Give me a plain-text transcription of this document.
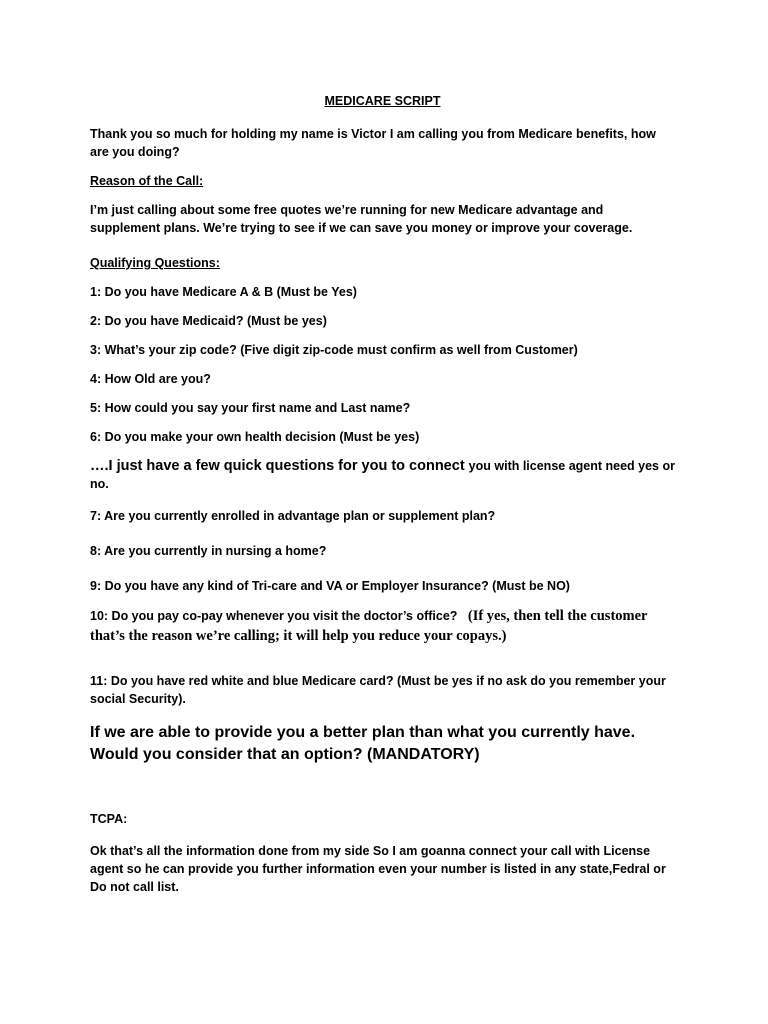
MEDICARE SCRIPT

Thank you so much for holding my name is Victor I am calling you from Medicare benefits, how are you doing?

Reason of the Call:

I’m just calling about some free quotes we’re running for new Medicare advantage and supplement plans. We’re trying to see if we can save you money or improve your coverage.

Qualifying Questions:

1: Do you have Medicare A & B (Must be Yes)

2: Do you have Medicaid? (Must be yes)

3: What’s your zip code? (Five digit zip-code must confirm as well from Customer)

4: How Old are you?

5: How could you say your first name and Last name?

6: Do you make your own health decision (Must be yes)

….I just have a few quick questions for you to connect you with license agent need yes or no.

7: Are you currently enrolled in advantage plan or supplement plan?

8: Are you currently in nursing a home?

9: Do you have any kind of Tri-care and VA or Employer Insurance? (Must be NO)

10: Do you pay co-pay whenever you visit the doctor’s office? (If yes, then tell the customer that’s the reason we’re calling; it will help you reduce your copays.)

11: Do you have red white and blue Medicare card? (Must be yes if no ask do you remember your social Security).

If we are able to provide you a better plan than what you currently have. Would you consider that an option? (MANDATORY)

TCPA:

Ok that’s all the information done from my side So I am goanna connect your call with License agent so he can provide you further information even your number is listed in any state,Fedral or Do not call list.
